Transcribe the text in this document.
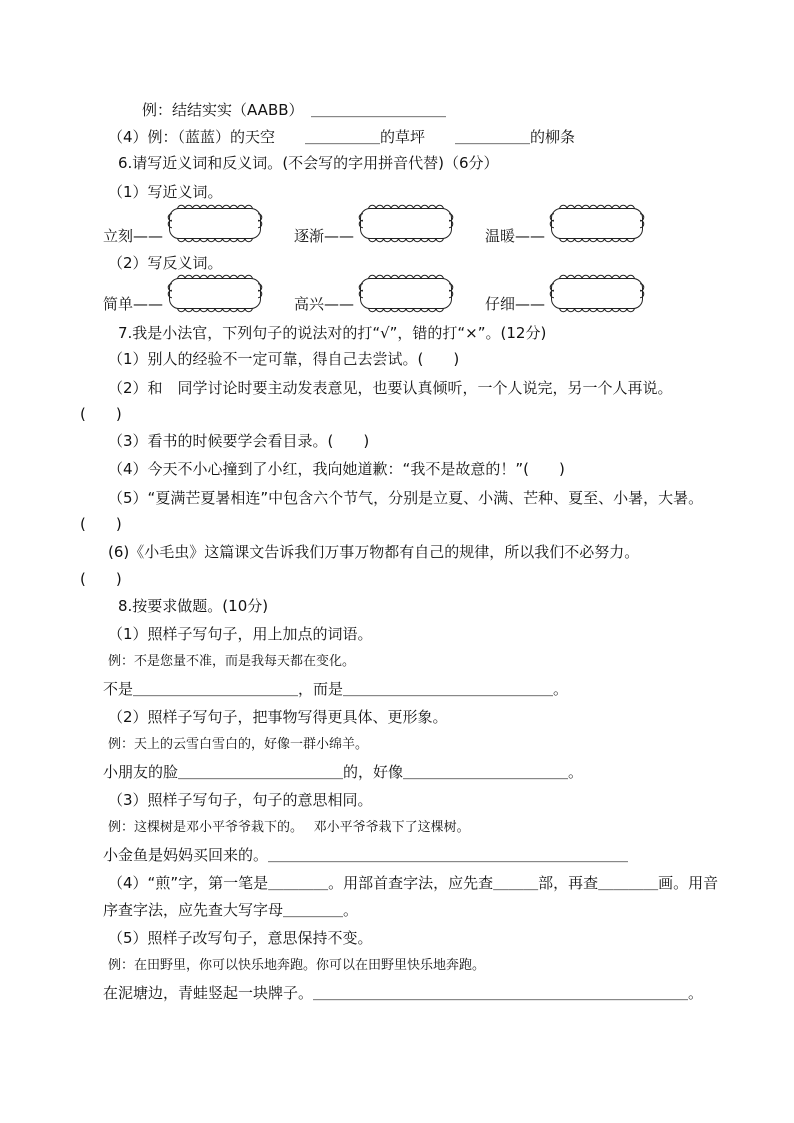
例：结结实实（AABB）　＿＿＿＿＿＿＿＿＿
（4）例：（蓝蓝）的天空　　＿＿＿＿＿的草坪　　＿＿＿＿＿的柳条
6.请写近义词和反义词。(不会写的字用拼音代替)（6分）
（1）写近义词。
立刻——	逐渐——	温暖——
（2）写反义词。
简单——	高兴——	仔细——
7.我是小法官，下列句子的说法对的打“√”，错的打“×”。(12分)
（1）别人的经验不一定可靠，得自己去尝试。(　　)
（2）和　同学讨论时要主动发表意见，也要认真倾听，一个人说完，另一个人再说。
(　　)
（3）看书的时候要学会看目录。(　　)
（4）今天不小心撞到了小红，我向她道歉：“我不是故意的！”(　　)
（5）“夏满芒夏暑相连”中包含六个节气，分别是立夏、小满、芒种、夏至、小暑，大暑。
(　　)
(6)《小毛虫》这篇课文告诉我们万事万物都有自己的规律，所以我们不必努力。
(　　)
8.按要求做题。(10分)
（1）照样子写句子，用上加点的词语。
例：不是您量不准，而是我每天都在变化。
不是＿＿＿＿＿＿＿＿＿＿＿，而是＿＿＿＿＿＿＿＿＿＿＿＿＿＿。
（2）照样子写句子，把事物写得更具体、更形象。
例：天上的云雪白雪白的，好像一群小绵羊。
小朋友的脸＿＿＿＿＿＿＿＿＿＿＿的，好像＿＿＿＿＿＿＿＿＿＿＿。
（3）照样子写句子，句子的意思相同。
例：这棵树是邓小平爷爷栽下的。　 邓小平爷爷栽下了这棵树。
小金鱼是妈妈买回来的。＿＿＿＿＿＿＿＿＿＿＿＿＿＿＿＿＿＿＿＿＿＿＿＿
（4）“煎”字，第一笔是＿＿＿＿。用部首查字法，应先查＿＿＿部，再查＿＿＿＿画。用音
序查字法，应先查大写字母＿＿＿＿。
（5）照样子改写句子，意思保持不变。
例：在田野里，你可以快乐地奔跑。你可以在田野里快乐地奔跑。
在泥塘边，青蛙竖起一块牌子。＿＿＿＿＿＿＿＿＿＿＿＿＿＿＿＿＿＿＿＿＿＿＿＿＿。
